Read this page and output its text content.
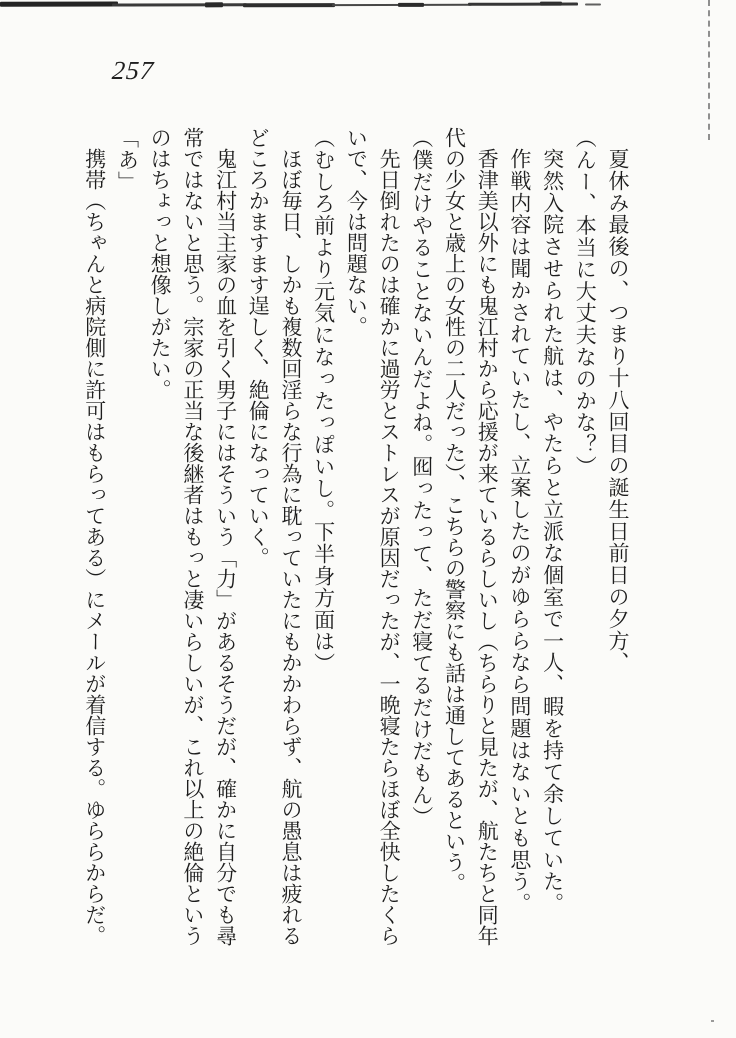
257

夏休み最後の、つまり十八回目の誕生日前日の夕方、

（んー、本当に大丈夫なのかな？）

突然入院させられた航は、やたらと立派な個室で一人、暇を持て余していた。

作戦内容は聞かされていたし、立案したのがゆららなら問題はないとも思う。

香津美以外にも鬼江村から応援が来ているらしいし（ちらりと見たが、航たちと同年代の少女と歳上の女性の二人だった）、こちらの警察にも話は通してあるという。

（僕だけやることないんだよね。囮ったって、ただ寝てるだけだもん）

先日倒れたのは確かに過労とストレスが原因だったが、一晩寝たらほぼ全快したくらいで、今は問題ない。

（むしろ前より元気になったっぽいし。下半身方面は）

ほぼ毎日、しかも複数回淫らな行為に耽っていたにもかかわらず、航の愚息は疲れるどころかますます逞しく、絶倫になっていく。

鬼江村当主家の血を引く男子にはそういう「力」があるそうだが、確かに自分でも尋常ではないと思う。宗家の正当な後継者はもっと凄いらしいが、これ以上の絶倫というのはちょっと想像しがたい。

「あ」

携帯（ちゃんと病院側に許可はもらってある）にメールが着信する。ゆららからだ。
